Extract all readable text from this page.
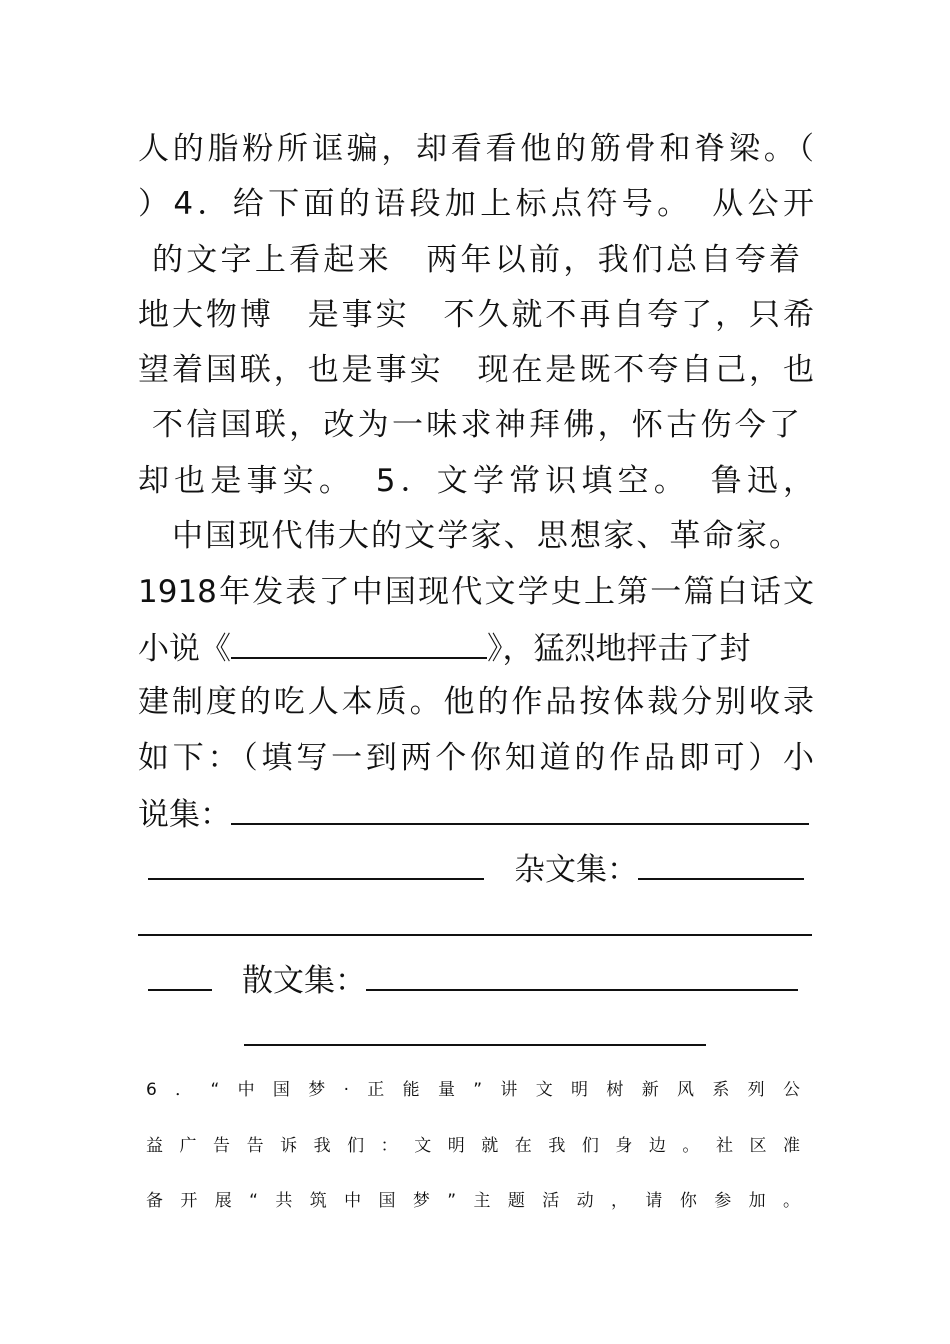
人的脂粉所诓骗，却看看他的筋骨和脊梁。（
）4．给下面的语段加上标点符号。　从公开
的文字上看起来　两年以前，我们总自夸着
地大物博　是事实　不久就不再自夸了，只希
望着国联，也是事实　现在是既不夸自己，也
不信国联，改为一味求神拜佛，怀古伤今了
却也是事实。　5．文学常识填空。　鲁迅，
中国现代伟大的文学家、思想家、革命家。
1918年发表了中国现代文学史上第一篇白话文
小说《	》，猛烈地抨击了封
建制度的吃人本质。他的作品按体裁分别收录
如下：（填写一到两个你知道的作品即可）小
说集：
杂文集：
散文集：
6．“中国梦·正能量”讲文明树新风系列公
益广告告诉我们：文明就在我们身边。社区准
备开展“共筑中国梦”主题活动，请你参加。
